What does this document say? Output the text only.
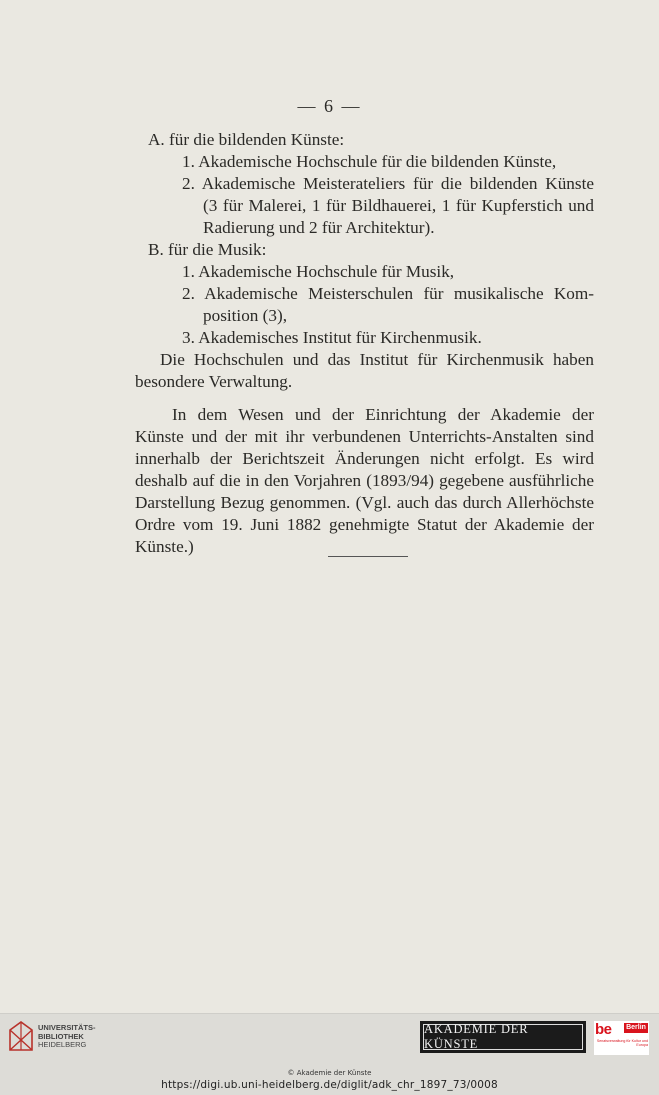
— 6 —
A. für die bildenden Künste:
1. Akademische Hochschule für die bildenden Künste,
2. Akademische Meisterateliers für die bildenden Künste
(3 für Malerei, 1 für Bildhauerei, 1 für Kupferstich und
Radierung und 2 für Architektur).
B. für die Musik:
1. Akademische Hochschule für Musik,
2. Akademische Meisterschulen für musikalische Kom-
position (3),
3. Akademisches Institut für Kirchenmusik.
Die Hochschulen und das Institut für Kirchenmusik haben
besondere Verwaltung.
In dem Wesen und der Einrichtung der Akademie der
Künste und der mit ihr verbundenen Unterrichts-Anstalten sind
innerhalb der Berichtszeit Änderungen nicht erfolgt. Es wird
deshalb auf die in den Vorjahren (1893/94) gegebene ausführliche
Darstellung Bezug genommen. (Vgl. auch das durch Allerhöchste
Ordre vom 19. Juni 1882 genehmigte Statut der Akademie der
Künste.)
UNIVERSITÄTS-
BIBLIOTHEK
HEIDELBERG
AKADEMIE DER KÜNSTE
be Berlin
Senatsverwaltung für Kultur und Europa
© Akademie der Künste
https://digi.ub.uni-heidelberg.de/diglit/adk_chr_1897_73/0008
